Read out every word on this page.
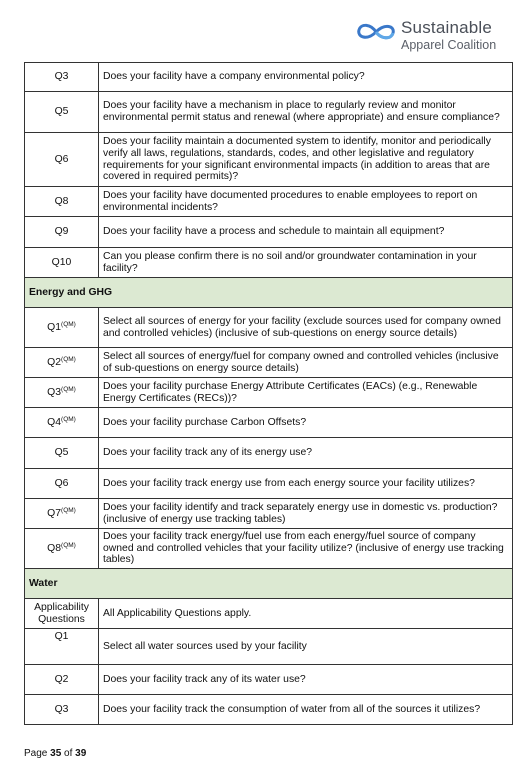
Sustainable
Apparel Coalition
Q3	Does your facility have a company environmental policy?
Q5	Does your facility have a mechanism in place to regularly review and monitor environmental permit status and renewal (where appropriate) and ensure compliance?
Q6	Does your facility maintain a documented system to identify, monitor and periodically verify all laws, regulations, standards, codes, and other legislative and regulatory requirements for your significant environmental impacts (in addition to areas that are covered in required permits)?
Q8	Does your facility have documented procedures to enable employees to report on environmental incidents?
Q9	Does your facility have a process and schedule to maintain all equipment?
Q10	Can you please confirm there is no soil and/or groundwater contamination in your facility?
Energy and GHG	
$Q1^{(QM)}$	Select all sources of energy for your facility (exclude sources used for company owned and controlled vehicles) (inclusive of sub-questions on energy source details)
$Q2^{(QM)}$	Select all sources of energy/fuel for company owned and controlled vehicles (inclusive of sub-questions on energy source details)
$Q3^{(QM)}$	Does your facility purchase Energy Attribute Certificates (EACs) (e.g., Renewable Energy Certificates (RECs))?
$Q4^{(QM)}$	Does your facility purchase Carbon Offsets?
Q5	Does your facility track any of its energy use?
Q6	Does your facility track energy use from each energy source your facility utilizes?
$Q7^{(QM)}$	Does your facility identify and track separately energy use in domestic vs. production? (inclusive of energy use tracking tables)
$Q8^{(QM)}$	Does your facility track energy/fuel use from each energy/fuel source of company owned and controlled vehicles that your facility utilize? (inclusive of energy use tracking tables)
Water	
Applicability Questions	All Applicability Questions apply.
Q1	Select all water sources used by your facility
Q2	Does your facility track any of its water use?
Q3	Does your facility track the consumption of water from all of the sources it utilizes?
Page 35 of 39
